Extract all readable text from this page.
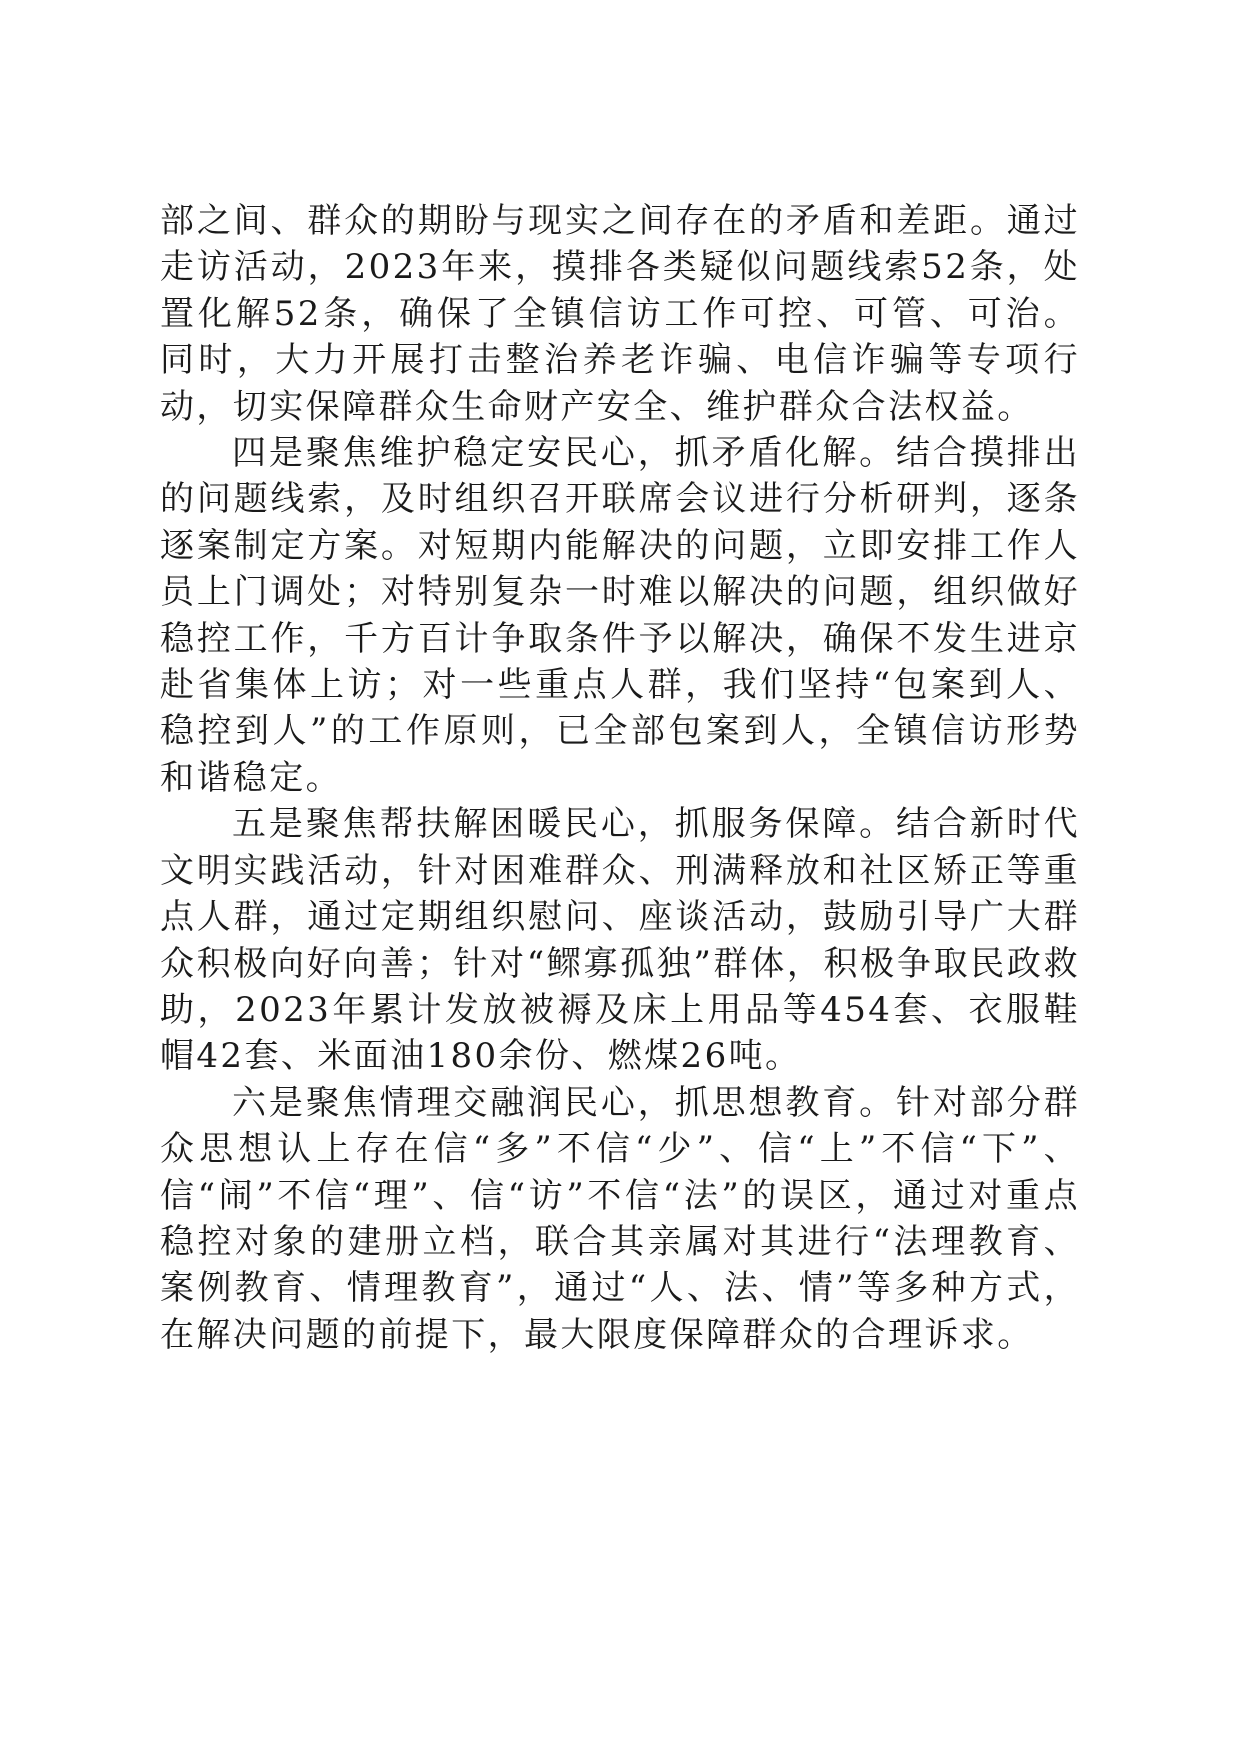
部之间、群众的期盼与现实之间存在的矛盾和差距。通过走访活动，2023年来，摸排各类疑似问题线索52条，处置化解52条，确保了全镇信访工作可控、可管、可治。同时，大力开展打击整治养老诈骗、电信诈骗等专项行动，切实保障群众生命财产安全、维护群众合法权益。

四是聚焦维护稳定安民心，抓矛盾化解。结合摸排出的问题线索，及时组织召开联席会议进行分析研判，逐条逐案制定方案。对短期内能解决的问题，立即安排工作人员上门调处；对特别复杂一时难以解决的问题，组织做好稳控工作，千方百计争取条件予以解决，确保不发生进京赴省集体上访；对一些重点人群，我们坚持“包案到人、稳控到人”的工作原则，已全部包案到人，全镇信访形势和谐稳定。

五是聚焦帮扶解困暖民心，抓服务保障。结合新时代文明实践活动，针对困难群众、刑满释放和社区矫正等重点人群，通过定期组织慰问、座谈活动，鼓励引导广大群众积极向好向善；针对“鳏寡孤独”群体，积极争取民政救助，2023年累计发放被褥及床上用品等454套、衣服鞋帽42套、米面油180余份、燃煤26吨。

六是聚焦情理交融润民心，抓思想教育。针对部分群众思想认上存在信“多”不信“少”、信“上”不信“下”、信“闹”不信“理”、信“访”不信“法”的误区，通过对重点稳控对象的建册立档，联合其亲属对其进行“法理教育、案例教育、情理教育”，通过“人、法、情”等多种方式，在解决问题的前提下，最大限度保障群众的合理诉求。
